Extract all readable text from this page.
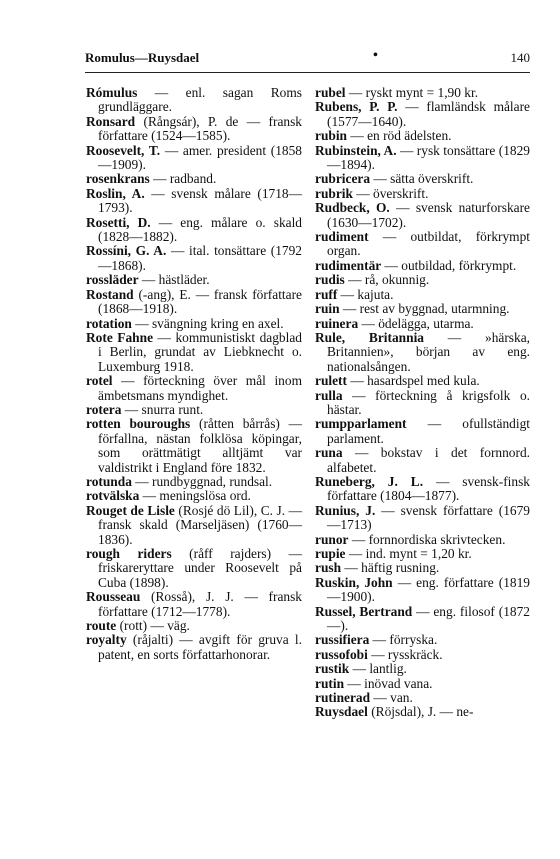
Romulus—Ruysdael	•	140

Rómulus — enl. sagan Roms grundläggare.

Ronsard (Rångsár), P. de — fransk författare (1524—1585).

Roosevelt, T. — amer. president (1858—1909).

rosenkrans — radband.

Roslin, A. — svensk målare (1718—1793).

Rosetti, D. — eng. målare o. skald (1828—1882).

Rossíni, G. A. — ital. tonsättare (1792—1868).

rossläder — hästläder.

Rostand (-ang), E. — fransk författare (1868—1918).

rotation — svängning kring en axel.

Rote Fahne — kommunistiskt dagblad i Berlin, grundat av Liebknecht o. Luxemburg 1918.

rotel — förteckning över mål inom ämbetsmans myndighet.

rotera — snurra runt.

rotten bouroughs (råtten bårrås) — förfallna, nästan folklösa köpingar, som orättmätigt alltjämt var valdistrikt i England före 1832.

rotunda — rundbyggnad, rundsal.

rotvälska — meningslösa ord.

Rouget de Lisle (Rosjé dö Lil), C. J. — fransk skald (Marseljäsen) (1760—1836).

rough riders (råff rajders) — friskareryttare under Roosevelt på Cuba (1898).

Rousseau (Rosså), J. J. — fransk författare (1712—1778).

route (rott) — väg.

royalty (råjalti) — avgift för gruva l. patent, en sorts författarhonorar.

rubel — ryskt mynt = 1,90 kr.

Rubens, P. P. — flamländsk målare (1577—1640).

rubin — en röd ädelsten.

Rubinstein, A. — rysk tonsättare (1829—1894).

rubricera — sätta överskrift.

rubrik — överskrift.

Rudbeck, O. — svensk naturforskare (1630—1702).

rudiment — outbildat, förkrympt organ.

rudimentär — outbildad, förkrympt.

rudis — rå, okunnig.

ruff — kajuta.

ruin — rest av byggnad, utarmning.

ruinera — ödelägga, utarma.

Rule, Britannia — »härska, Britannien», början av eng. nationalsången.

rulett — hasardspel med kula.

rulla — förteckning å krigsfolk o. hästar.

rumpparlament — ofullständigt parlament.

runa — bokstav i det fornnord. alfabetet.

Runeberg, J. L. — svensk-finsk författare (1804—1877).

Runius, J. — svensk författare (1679—1713)

runor — fornnordiska skrivtecken.

rupie — ind. mynt = 1,20 kr.

rush — häftig rusning.

Ruskin, John — eng. författare (1819—1900).

Russel, Bertrand — eng. filosof (1872—).

russifiera — förryska.

russofobi — rysskräck.

rustik — lantlig.

rutin — inövad vana.

rutinerad — van.

Ruysdael (Röjsdal), J. — ne-
